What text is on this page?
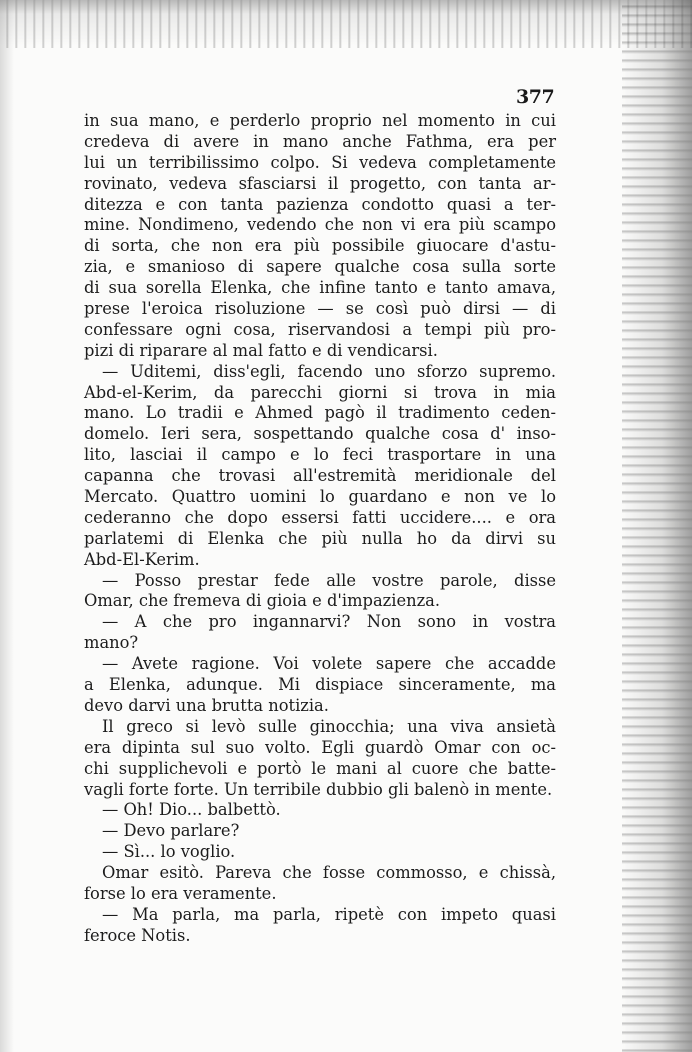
377
in sua mano, e perderlo proprio nel momento in cui
credeva di avere in mano anche Fathma, era per
lui un terribilissimo colpo. Si vedeva completamente
rovinato, vedeva sfasciarsi il progetto, con tanta ar-
ditezza e con tanta pazienza condotto quasi a ter-
mine. Nondimeno, vedendo che non vi era più scampo
di sorta, che non era più possibile giuocare d'astu-
zia, e smanioso di sapere qualche cosa sulla sorte
di sua sorella Elenka, che infine tanto e tanto amava,
prese l'eroica risoluzione — se così può dirsi — di
confessare ogni cosa, riservandosi a tempi più pro-
pizi di riparare al mal fatto e di vendicarsi.
— Uditemi, diss'egli, facendo uno sforzo supremo.
Abd-el-Kerim, da parecchi giorni si trova in mia
mano. Lo tradii e Ahmed pagò il tradimento ceden-
domelo. Ieri sera, sospettando qualche cosa d' inso-
lito, lasciai il campo e lo feci trasportare in una
capanna che trovasi all'estremità meridionale del
Mercato. Quattro uomini lo guardano e non ve lo
cederanno che dopo essersi fatti uccidere.... e ora
parlatemi di Elenka che più nulla ho da dirvi su
Abd-El-Kerim.
— Posso prestar fede alle vostre parole, disse
Omar, che fremeva di gioia e d'impazienza.
— A che pro ingannarvi? Non sono in vostra
mano?
— Avete ragione. Voi volete sapere che accadde
a Elenka, adunque. Mi dispiace sinceramente, ma
devo darvi una brutta notizia.
Il greco si levò sulle ginocchia; una viva ansietà
era dipinta sul suo volto. Egli guardò Omar con oc-
chi supplichevoli e portò le mani al cuore che batte-
vagli forte forte. Un terribile dubbio gli balenò in mente.
— Oh! Dio... balbettò.
— Devo parlare?
— Sì... lo voglio.
Omar esitò. Pareva che fosse commosso, e chissà,
forse lo era veramente.
— Ma parla, ma parla, ripetè con impeto quasi
feroce Notis.
